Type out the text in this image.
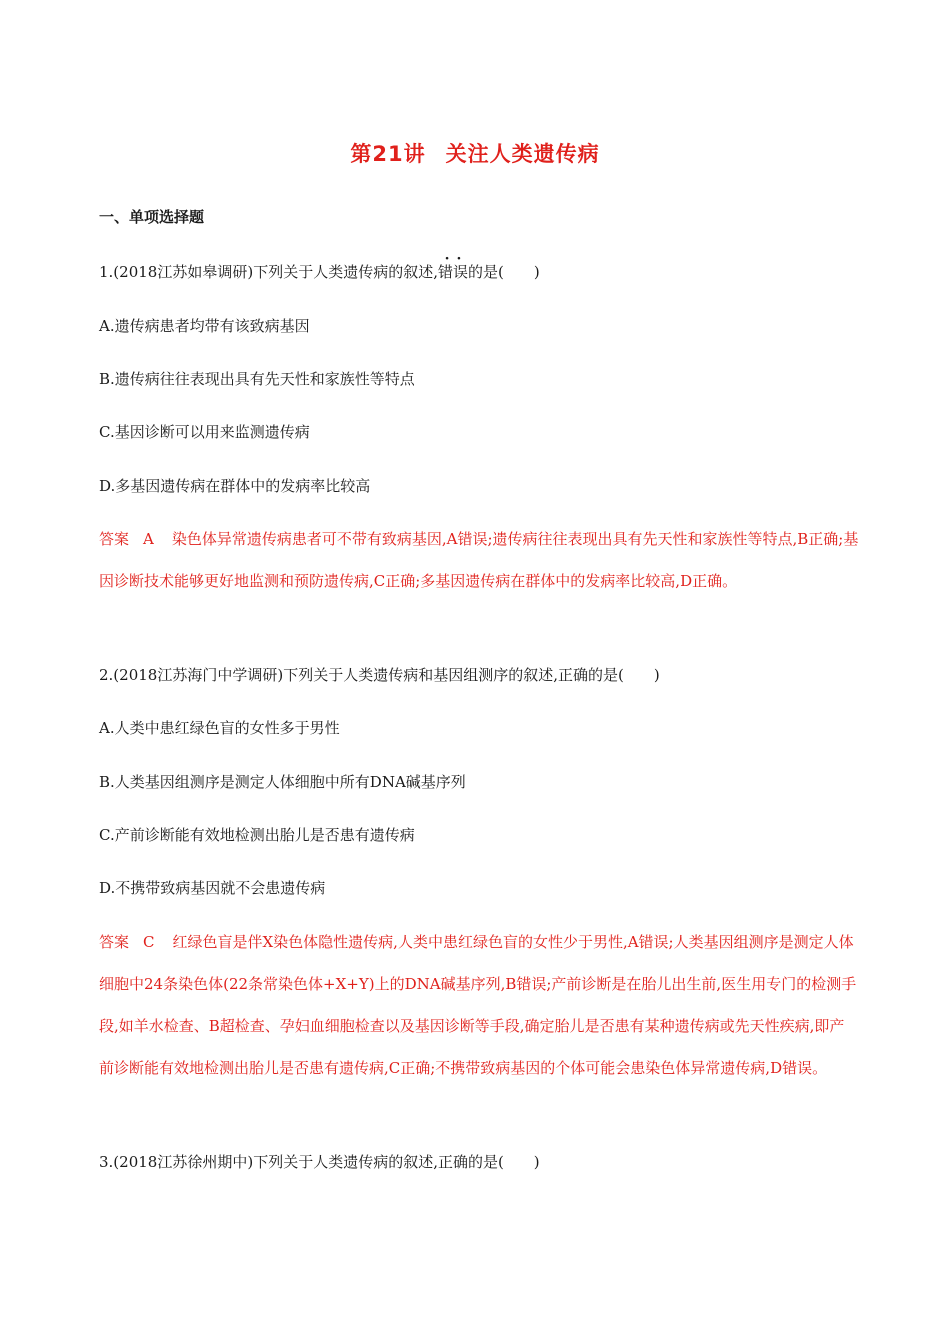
第21讲 关注人类遗传病
一、单项选择题
1.(2018江苏如皋调研)下列关于人类遗传病的叙述,· · 错误的是(　　)
A.遗传病患者均带有该致病基因
B.遗传病往往表现出具有先天性和家族性等特点
C.基因诊断可以用来监测遗传病
D.多基因遗传病在群体中的发病率比较高
答案 A 染色体异常遗传病患者可不带有致病基因,A错误;遗传病往往表现出具有先天性和家族性等特点,B正确;基因诊断技术能够更好地监测和预防遗传病,C正确;多基因遗传病在群体中的发病率比较高,D正确。
2.(2018江苏海门中学调研)下列关于人类遗传病和基因组测序的叙述,正确的是(　　)
A.人类中患红绿色盲的女性多于男性
B.人类基因组测序是测定人体细胞中所有DNA碱基序列
C.产前诊断能有效地检测出胎儿是否患有遗传病
D.不携带致病基因就不会患遗传病
答案 C 红绿色盲是伴X染色体隐性遗传病,人类中患红绿色盲的女性少于男性,A错误;人类基因组测序是测定人体细胞中24条染色体(22条常染色体+X+Y)上的DNA碱基序列,B错误;产前诊断是在胎儿出生前,医生用专门的检测手段,如羊水检查、B超检查、孕妇血细胞检查以及基因诊断等手段,确定胎儿是否患有某种遗传病或先天性疾病,即产前诊断能有效地检测出胎儿是否患有遗传病,C正确;不携带致病基因的个体可能会患染色体异常遗传病,D错误。
3.(2018江苏徐州期中)下列关于人类遗传病的叙述,正确的是(　　)
